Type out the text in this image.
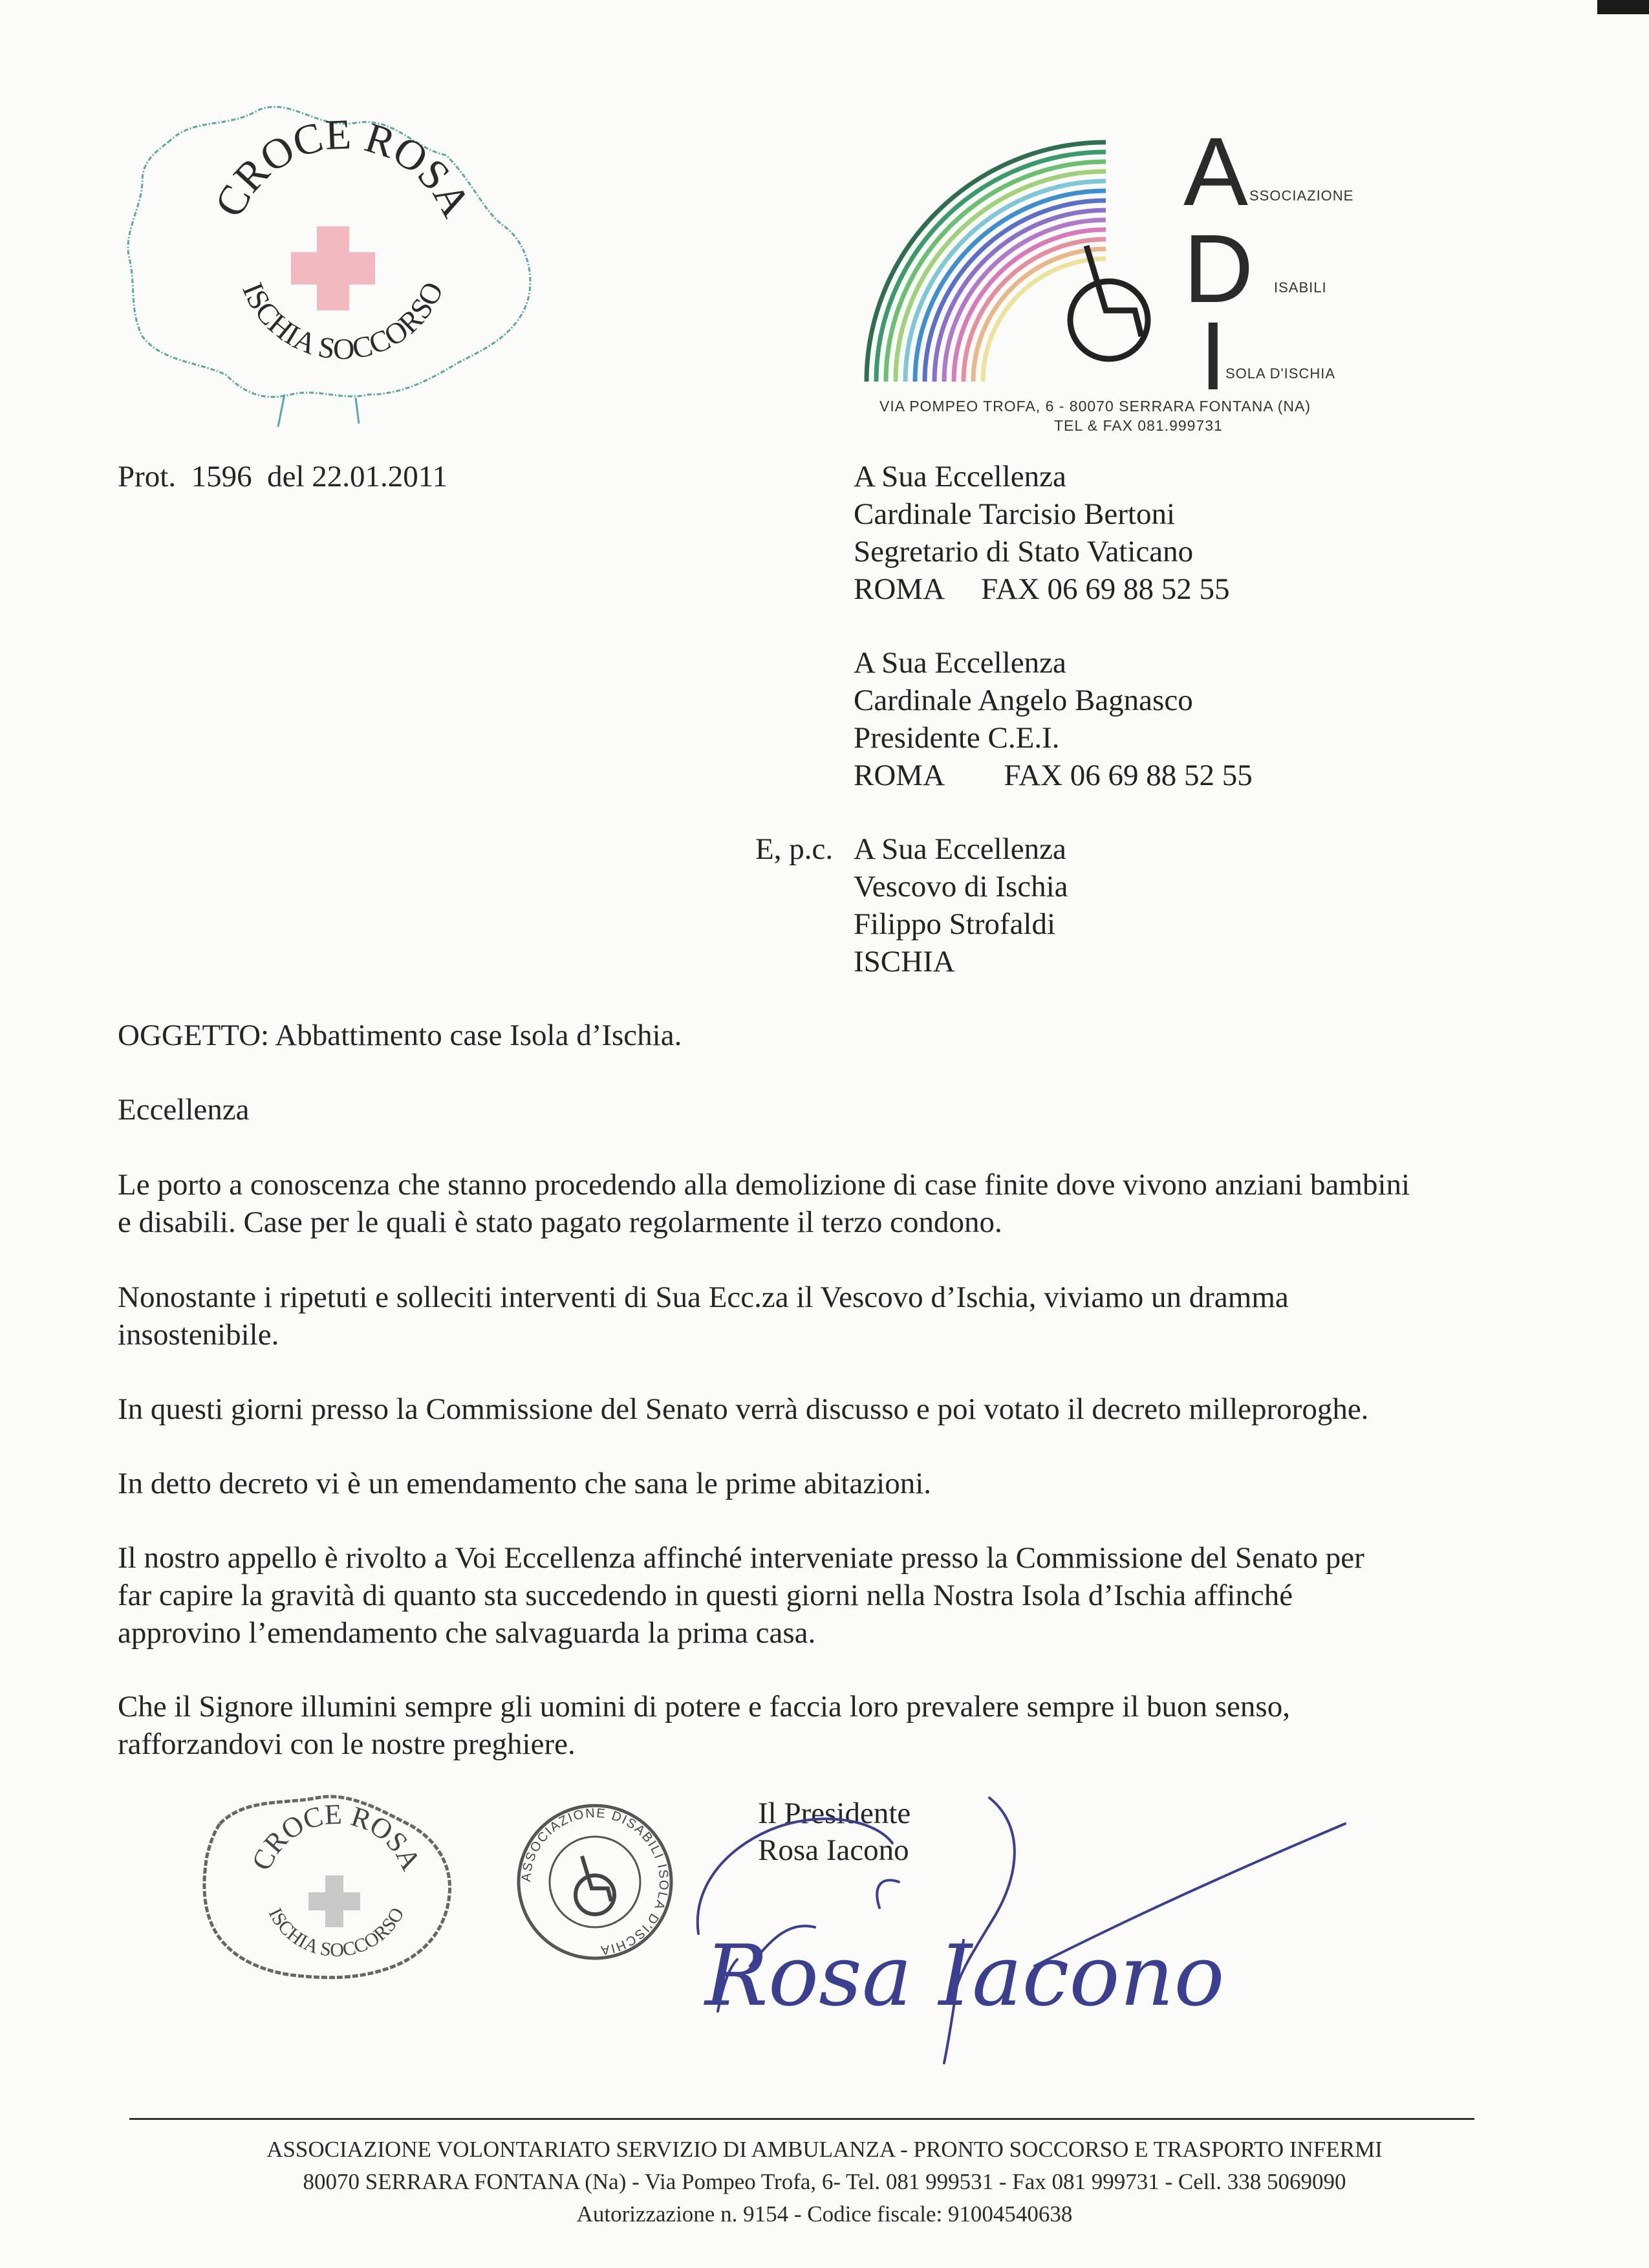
CROCE ROSA
ISCHIA SOCCORSO
A SSOCIAZIONE
D ISABILI
I
SOLA D'ISCHIA
VIA POMPEO TROFA, 6 - 80070 SERRARA FONTANA (NA)
TEL & FAX 081.999731
Prot.  1596  del 22.01.2011	A Sua Eccellenza
Cardinale Tarcisio Bertoni
Segretario di Stato Vaticano
ROMA     FAX 06 69 88 52 55
A Sua Eccellenza
Cardinale Angelo Bagnasco
Presidente C.E.I.
ROMA        FAX 06 69 88 52 55
E, p.c. A Sua Eccellenza
Vescovo di Ischia
Filippo Strofaldi
ISCHIA
OGGETTO: Abbattimento case Isola d’Ischia.
Eccellenza
Le porto a conoscenza che stanno procedendo alla demolizione di case finite dove vivono anziani bambini
e disabili. Case per le quali è stato pagato regolarmente il terzo condono.
Nonostante i ripetuti e solleciti interventi di Sua Ecc.za il Vescovo d’Ischia, viviamo un dramma
insostenibile.
In questi giorni presso la Commissione del Senato verrà discusso e poi votato il decreto milleproroghe.
In detto decreto vi è un emendamento che sana le prime abitazioni.
Il nostro appello è rivolto a Voi Eccellenza affinché interveniate presso la Commissione del Senato per
far capire la gravità di quanto sta succedendo in questi giorni nella Nostra Isola d’Ischia affinché
approvino l’emendamento che salvaguarda la prima casa.
Che il Signore illumini sempre gli uomini di potere e faccia loro prevalere sempre il buon senso,
rafforzandovi con le nostre preghiere.
CROCE ROSA
ISCHIA SOCCORSO
ASSOCIAZIONE DISABILI ISOLA D'ISCHIA
Il Presidente
Rosa Iacono
Rosa Iacono
ASSOCIAZIONE VOLONTARIATO SERVIZIO DI AMBULANZA - PRONTO SOCCORSO E TRASPORTO INFERMI
80070 SERRARA FONTANA (Na) - Via Pompeo Trofa, 6- Tel. 081 999531 - Fax 081 999731 - Cell. 338 5069090
Autorizzazione n. 9154 - Codice fiscale: 91004540638
